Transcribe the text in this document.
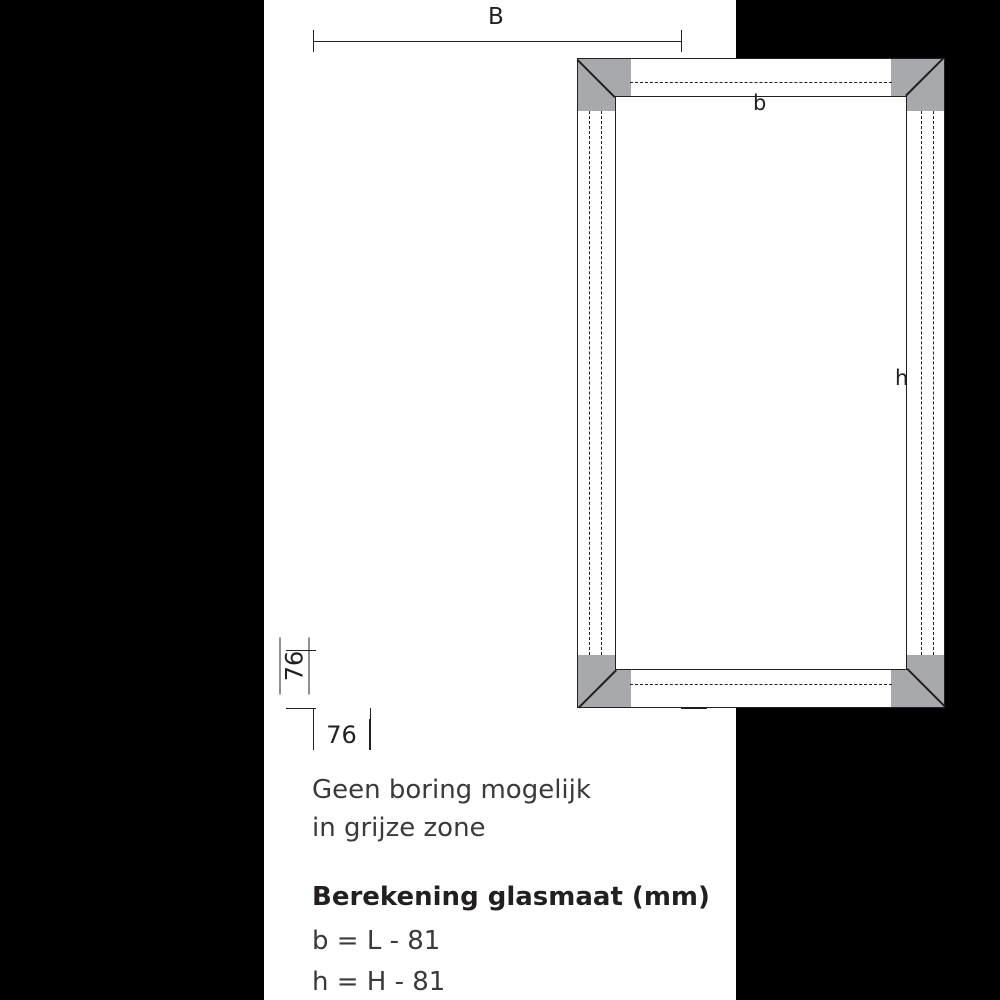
B
b
h
76
76
Geen boring mogelijk
in grijze zone
Berekening glasmaat (mm)
b = L - 81
h = H - 81
